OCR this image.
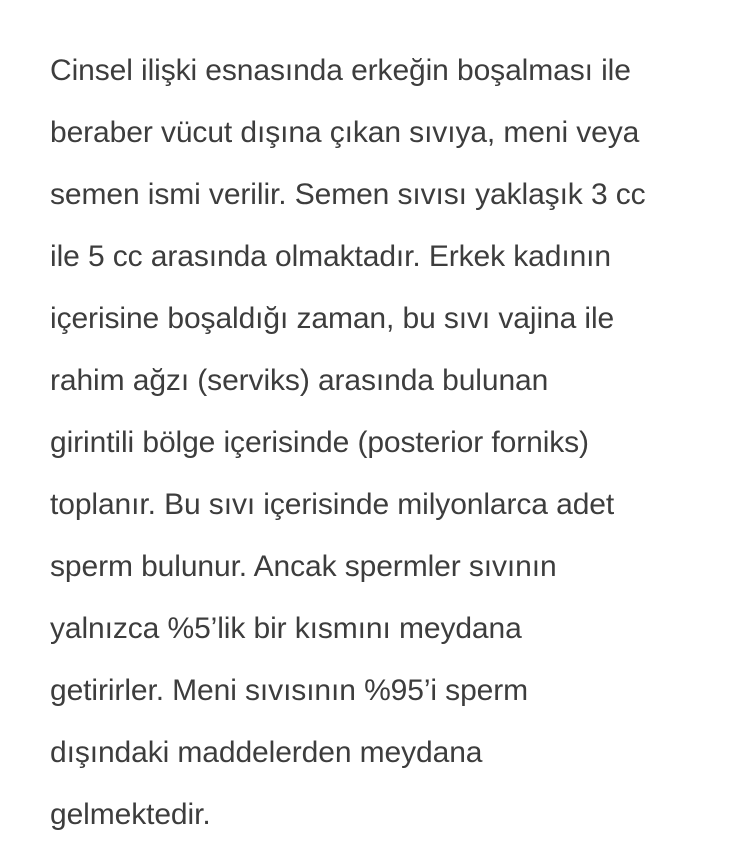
Cinsel ilişki esnasında erkeğin boşalması ile
beraber vücut dışına çıkan sıvıya, meni veya
semen ismi verilir. Semen sıvısı yaklaşık 3 cc
ile 5 cc arasında olmaktadır. Erkek kadının
içerisine boşaldığı zaman, bu sıvı vajina ile
rahim ağzı (serviks) arasında bulunan
girintili bölge içerisinde (posterior forniks)
toplanır. Bu sıvı içerisinde milyonlarca adet
sperm bulunur. Ancak spermler sıvının
yalnızca %5’lik bir kısmını meydana
getirirler. Meni sıvısının %95’i sperm
dışındaki maddelerden meydana
gelmektedir.
